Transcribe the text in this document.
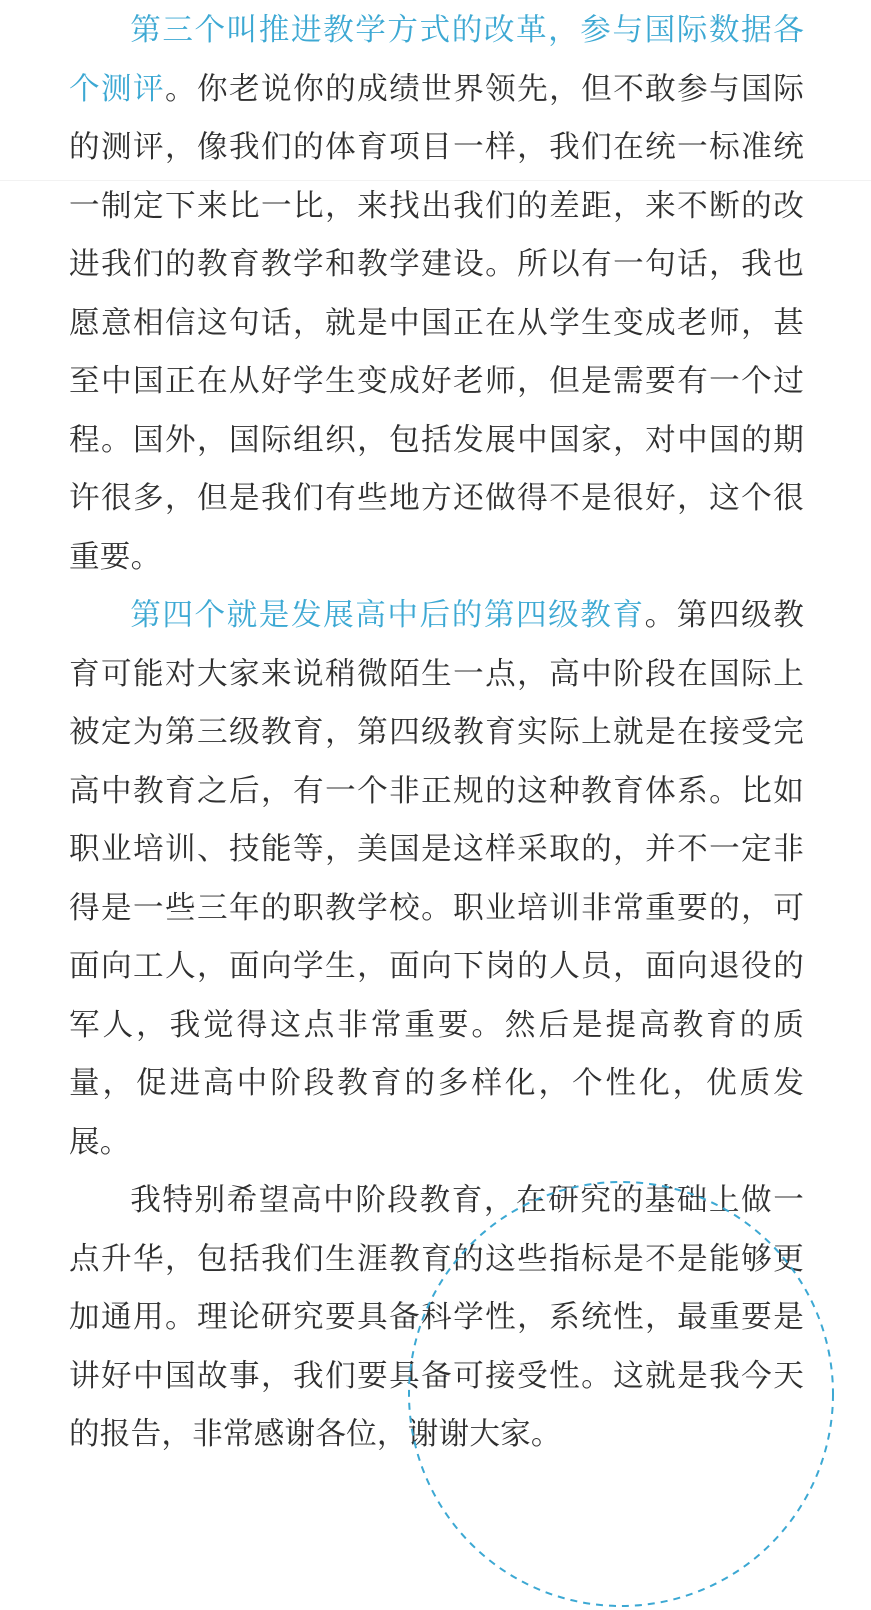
第三个叫推进教学方式的改革，参与国际数据各个测评。你老说你的成绩世界领先，但不敢参与国际的测评，像我们的体育项目一样，我们在统一标准统一制定下来比一比，来找出我们的差距，来不断的改进我们的教育教学和教学建设。所以有一句话，我也愿意相信这句话，就是中国正在从学生变成老师，甚至中国正在从好学生变成好老师，但是需要有一个过程。国外，国际组织，包括发展中国家，对中国的期许很多，但是我们有些地方还做得不是很好，这个很重要。

第四个就是发展高中后的第四级教育。第四级教育可能对大家来说稍微陌生一点，高中阶段在国际上被定为第三级教育，第四级教育实际上就是在接受完高中教育之后，有一个非正规的这种教育体系。比如职业培训、技能等，美国是这样采取的，并不一定非得是一些三年的职教学校。职业培训非常重要的，可面向工人，面向学生，面向下岗的人员，面向退役的军人，我觉得这点非常重要。然后是提高教育的质量，促进高中阶段教育的多样化，个性化，优质发展。

我特别希望高中阶段教育，在研究的基础上做一点升华，包括我们生涯教育的这些指标是不是能够更加通用。理论研究要具备科学性，系统性，最重要是讲好中国故事，我们要具备可接受性。这就是我今天的报告，非常感谢各位，谢谢大家。
